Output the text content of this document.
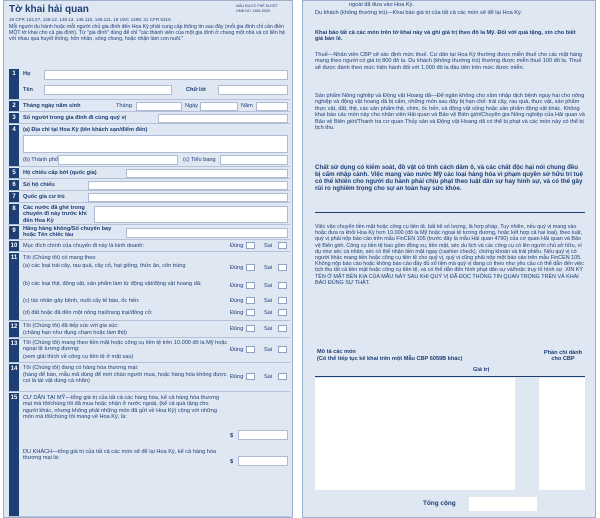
Tờ khai hải quan	MẪU ĐƯỢC PHÊ DUYỆT
OMB NO. 1651-0009
19 CFR 122.27, 148.12, 148.13, 148.110, 148.111, 19 USC 1498; 31 CFR 5316
Mỗi người du hành hoặc mỗi người chủ gia đình đến Hoa Kỳ phải cung cấp thông tin sau đây (mỗi gia đình chỉ cần điền MỘT tờ khai cho cả gia đình). Từ "gia đình" dùng để chỉ "các thành viên của một gia đình ở chung một nhà và có liên hệ với nhau qua huyết thống, hôn nhân, sống chung, hoặc nhận làm con nuôi."
1	Họ
Tên	Chữ lót
2	Tháng ngày năm sinh	Tháng	Ngày	Năm
3	Số người trong gia đình đi cùng quý vị
4	(a) Địa chỉ tại Hoa Kỳ (tên khách sạn/điểm đến)
(b) Thành phố	(c) Tiểu bang
5	Hộ chiếu cấp bởi (quốc gia)
6	Số hộ chiếu
7	Quốc gia cư trú
8	Các nước đã ghé trong chuyến đi này trước khi đến Hoa Kỳ
9	Hãng hàng không/Số chuyến bay hoặc Tên chiếc tàu
10 Mục đích chính của chuyến đi này là kinh doanh:	Đúng	Sai
11	Tôi (Chúng tôi) có mang theo
(a) các loại trái cây, rau quả, cây cỏ, hạt giống, thức ăn, côn trùng	Đúng	Sai
(b) các loại thịt, động vật, sản phẩm làm từ động vật/động vật hoang dã:	Đúng	Sai
(c) tác nhân gây bệnh, nuôi cấy tế bào, ốc hến:	Đúng	Sai
(d) đất hoặc đã đến một nông trại/trang trại/đồng cỏ:	Đúng	Sai
12 Tôi (Chúng tôi) đã tiếp xúc với gia súc:
(chăng hạn như đụng chạm hoặc làm thịt)
Đúng	Sai
13 Tôi (Chúng tôi) mang theo tiền mặt hoặc công cụ tiền tệ trên 10.000 đô la Mỹ hoặc ngoại tệ tương đương:
(xem giải thích về công cụ tiền tệ ở mặt sau)
Đúng	Sai
14 Tôi (Chúng tôi) đang có hàng hóa thương mại:
(hàng để bán, mẫu mã dùng để mời chào người mua, hoặc hàng hóa không được coi là tài vật dùng cá nhân)
Đúng	Sai
15 CƯ DÂN TẠI MỸ—tổng giá trị của tất cả các hàng hóa, kể cả hàng hóa thương mại mà tôi/chúng tôi đã mua hoặc nhận ở nước ngoài, (kể cả quà tặng cho người khác, nhưng không phải những món đã gửi về Hoa Kỳ) cộng với những món mà tôi/chúng tôi mang về Hoa Kỳ, là:
$
DU KHÁCH—tổng giá trị của tất cả các món sẽ để lại Hoa Kỳ, kể cả hàng hóa thương mại là:
$
ngoài đã đưa vào Hoa Kỳ.
Du khách (không thường trú)—Khai báo giá trị của tất cả các món sẽ để lại Hoa Kỳ.
Khai báo tất cả các món trên tờ khai này và ghi giá trị theo đô la Mỹ. Đối với quà tặng, xin cho biết giá bán lẻ.
Thuế—Nhân viên CBP sẽ xác định mức thuế. Cư dân tại Hoa Kỳ thường được miễn thuế cho các mặt hàng mang theo người có giá trị 800 đô la. Du khách (không thường trú) thường được miễn thuế 100 đô la. Thuế sẽ được đánh theo mức hiện hành đối với 1.000 đô la đầu tiên trên mức được miễn.
Sản phẩm Nông nghiệp và Động vật Hoang dã—Để ngăn không cho xâm nhập dịch bệnh nguy hại cho nông nghiệp và động vật hoang dã bị cấm, những món sau đây bị hạn chế: trái cây, rau quả, thực vật, sản phẩm thực vật, đất, thịt, các sản phẩm thịt, chim, ốc hến, và động vật sống hoặc sản phẩm động vật khác. Không khai báo các món này cho nhân viên Hải quan và Bảo vệ Biên giới/Chuyên gia Nông nghiệp của Hải quan và Bảo vệ Biên giới/Thanh tra cơ quan Thủy sản và Động vật Hoang dã có thể bị phạt và các món này có thể bị tịch thu.
Chất sử dụng có kiểm soát, đồ vật có tính cách dâm ô, và các chất độc hại nói chung đều bị cấm nhập cảnh. Việc mang vào nước Mỹ các loại hàng hóa vi phạm quyền sở hữu trí tuệ có thể khiến cho người du hành phải chịu phạt theo luật dân sự hay hình sự, và có thể gây rủi ro nghiêm trọng cho sự an toàn hay sức khỏe.
Việc vận chuyển tiền mặt hoặc công cụ tiền tệ, bất kể số lượng, là hợp pháp. Tuy nhiên, nếu quý vị mang vào hoặc đưa ra khỏi Hoa Kỳ hơn 10.000 (đô la Mỹ hoặc ngoại tệ tương đương, hoặc kết hợp cả hai loại), theo luật, quý vị phải nộp báo cáo trên mẫu FinCEN 105 (trước đây là mẫu Hải quan 4790) của cơ quan Hải quan và Bảo vệ Biên giới. Công cụ tiền tệ bao gồm đồng xu, tiền mặt, séc du lịch và các công cụ có lên người chủ sở hữu, vì dụ như séc cá nhân, séc có thể nhận tiền mặt ngay (cashier check), chứng khoán và trái phiếu. Nếu quý vị có người khác mang tiền hoặc công cụ tiền tệ cho quý vị, quý vị cũng phải nộp một báo cáo trên mẫu FinCEN 105. Không nộp báo cáo hoặc không báo cáo đầy đủ số tiền mà quý vị đang có theo như yêu cầu có thể dẫn đến việc tịch thu tất cả tiền mặt hoặc công cụ tiền tệ, và có thể dẫn đến hình phạt dân sự và/hoặc truy tố hình sự. XIN KÝ TÊN Ở MẶT BÊN KIA CỦA MẪU NÀY SAU KHI QUÝ VỊ ĐÃ ĐỌC THÔNG TIN QUAN TRỌNG TRÊN VÀ KHAI BÁO ĐÚNG SỰ THẬT.
Mô tả các món
(Có thể tiếp tục kê khai trên một Mẫu CBP 6059B khác)
Giá trị
Phần chỉ dành cho CBP
Tổng cộng
